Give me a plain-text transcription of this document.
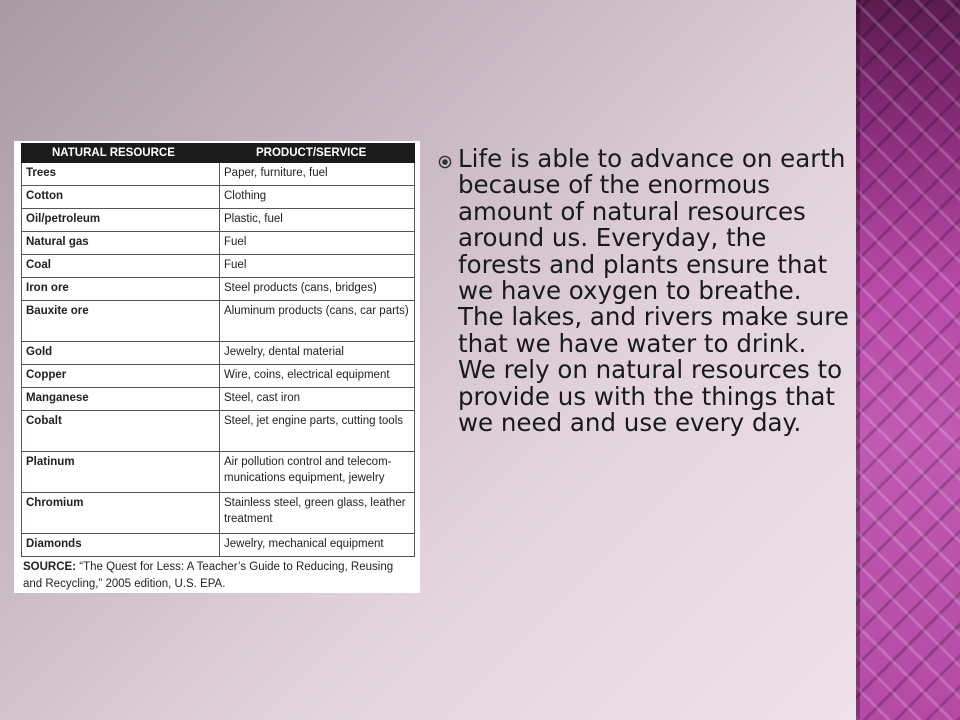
NATURAL RESOURCE	PRODUCT/SERVICE
Trees	Paper, furniture, fuel
Cotton	Clothing
Oil/petroleum	Plastic, fuel
Natural gas	Fuel
Coal	Fuel
Iron ore	Steel products (cans, bridges)
Bauxite ore	Aluminum products (cans, car parts)
Gold	Jewelry, dental material
Copper	Wire, coins, electrical equipment
Manganese	Steel, cast iron
Cobalt	Steel, jet engine parts, cutting tools
Platinum	Air pollution control and telecom-munications equipment, jewelry
Chromium	Stainless steel, green glass, leather treatment
Diamonds	Jewelry, mechanical equipment
SOURCE: “The Quest for Less: A Teacher’s Guide to Reducing, Reusing and Recycling,” 2005 edition, U.S. EPA.

Life is able to advance on earth because of the enormous amount of natural resources around us. Everyday, the forests and plants ensure that we have oxygen to breathe. The lakes, and rivers make sure that we have water to drink. We rely on natural resources to provide us with the things that we need and use every day.
